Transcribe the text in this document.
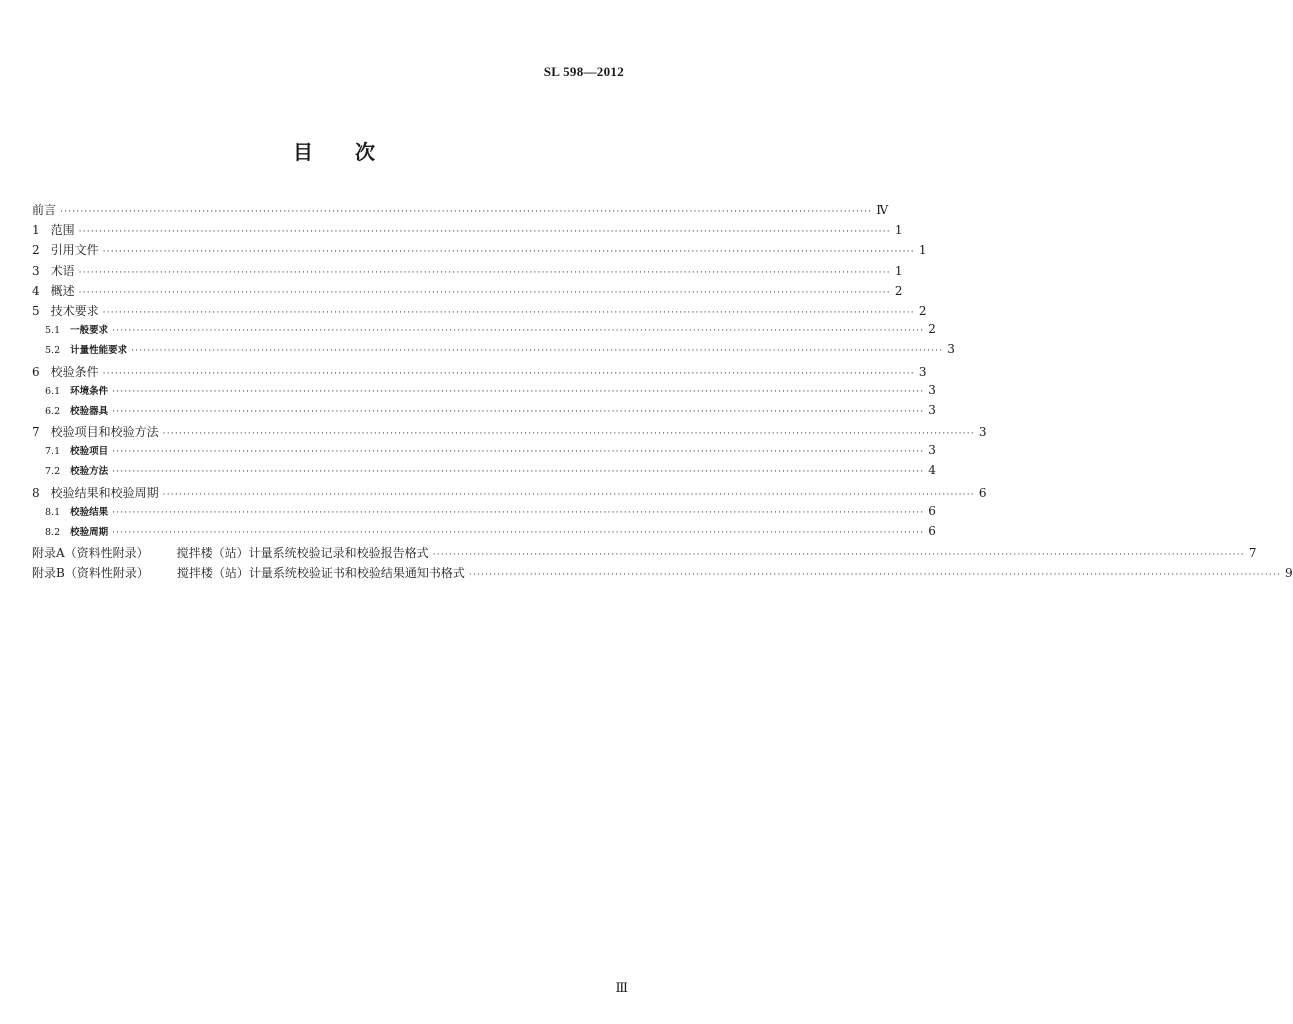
SL 598—2012
目 次
前言 ········································································································································································································ Ⅳ
1 范围 ········································································································································································································ 1
2 引用文件 ········································································································································································································ 1
3 术语 ········································································································································································································ 1
4 概述 ········································································································································································································ 2
5 技术要求 ········································································································································································································ 2
5.1 一般要求 ········································································································································································································ 2
5.2 计量性能要求 ········································································································································································································ 3
6 校验条件 ········································································································································································································ 3
6.1 环境条件 ········································································································································································································ 3
6.2 校验器具 ········································································································································································································ 3
7 校验项目和校验方法 ········································································································································································································ 3
7.1 校验项目 ········································································································································································································ 3
7.2 校验方法 ········································································································································································································ 4
8 校验结果和校验周期 ········································································································································································································ 6
8.1 校验结果 ········································································································································································································ 6
8.2 校验周期 ········································································································································································································ 6
附录A（资料性附录） 搅拌楼（站）计量系统校验记录和校验报告格式 ········································································································································································································ 7
附录B（资料性附录） 搅拌楼（站）计量系统校验证书和校验结果通知书格式 ········································································································································································································ 9
Ⅲ
